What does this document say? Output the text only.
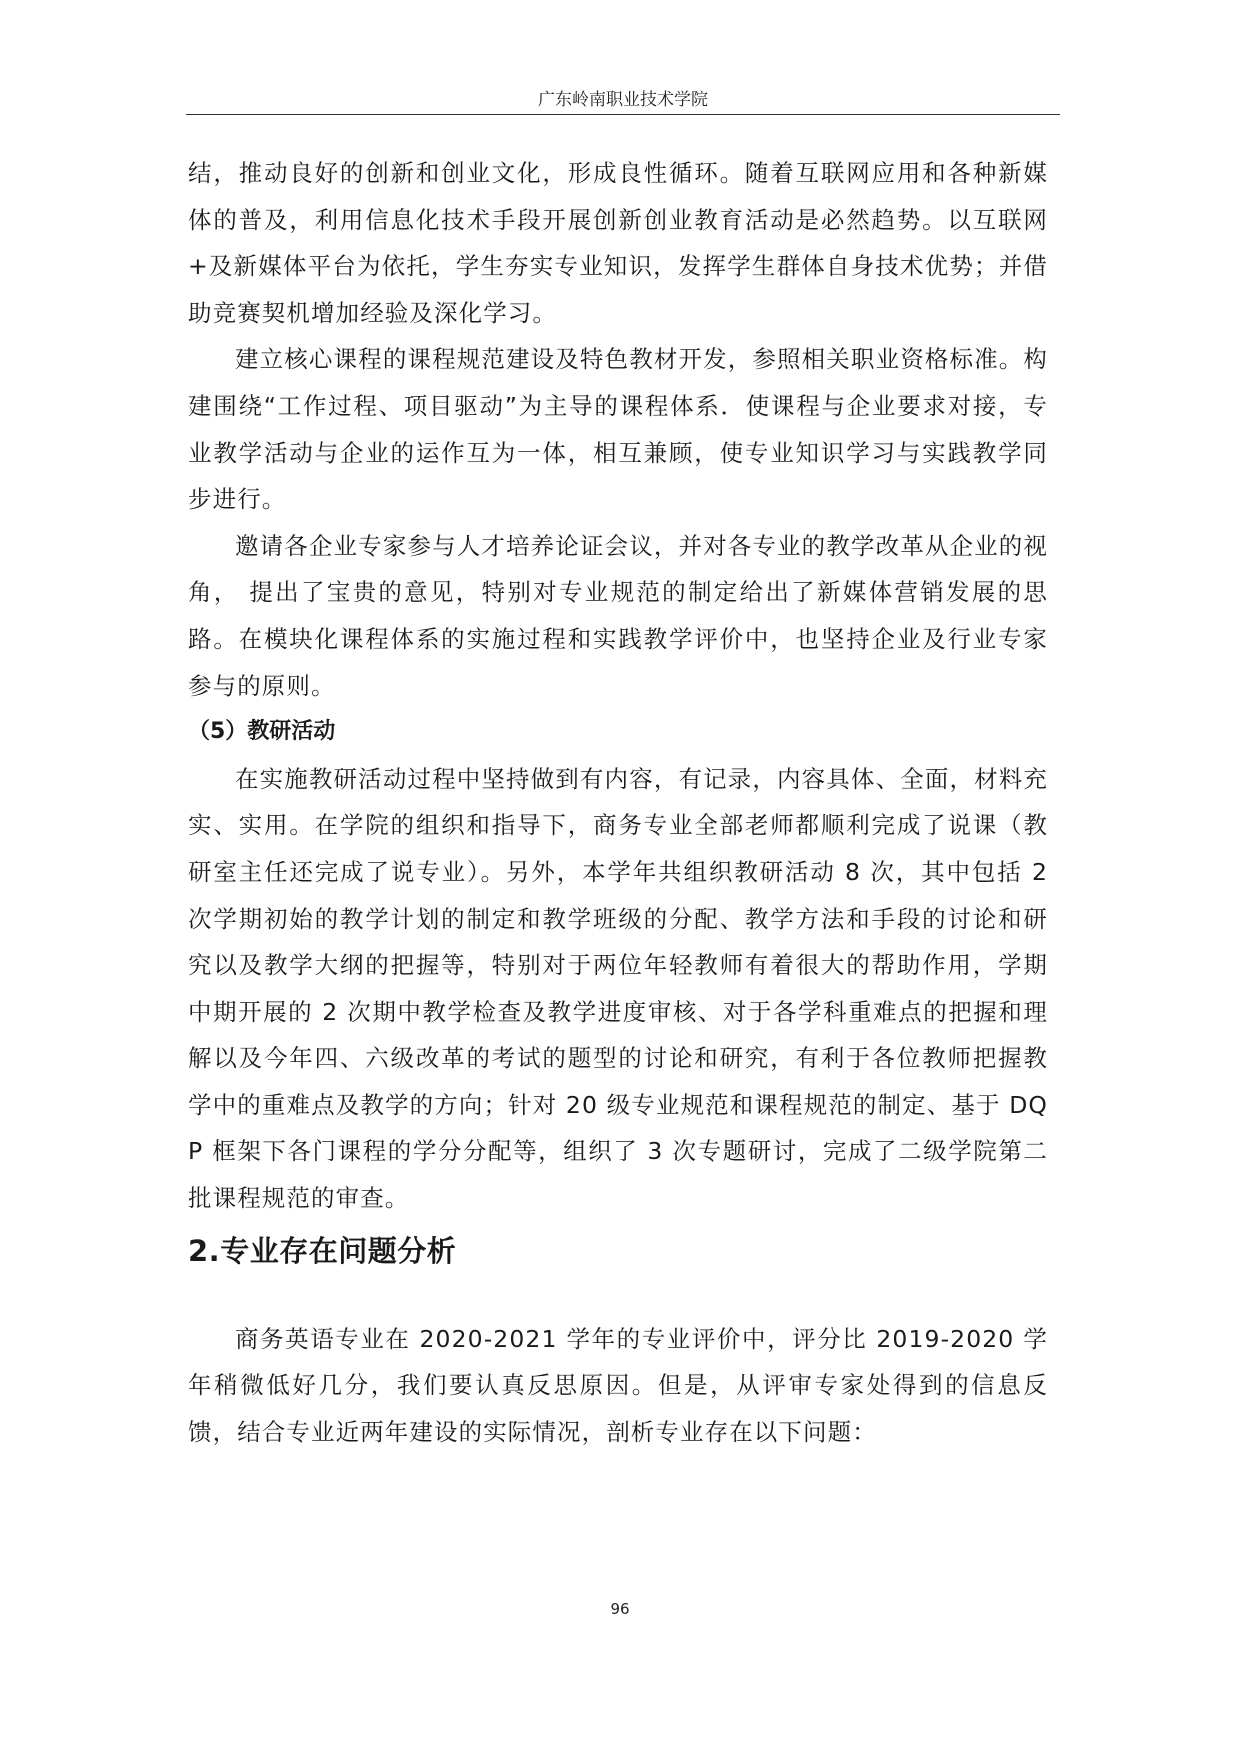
广东岭南职业技术学院

结，推动良好的创新和创业文化，形成良性循环。随着互联网应用和各种新媒体的普及，利用信息化技术手段开展创新创业教育活动是必然趋势。以互联网+及新媒体平台为依托，学生夯实专业知识，发挥学生群体自身技术优势；并借助竞赛契机增加经验及深化学习。

建立核心课程的课程规范建设及特色教材开发，参照相关职业资格标准。构建围绕“工作过程、项目驱动”为主导的课程体系．使课程与企业要求对接，专业教学活动与企业的运作互为一体，相互兼顾，使专业知识学习与实践教学同步进行。

邀请各企业专家参与人才培养论证会议，并对各专业的教学改革从企业的视角， 提出了宝贵的意见，特别对专业规范的制定给出了新媒体营销发展的思路。在模块化课程体系的实施过程和实践教学评价中，也坚持企业及行业专家参与的原则。

（5）教研活动

在实施教研活动过程中坚持做到有内容，有记录，内容具体、全面，材料充实、实用。在学院的组织和指导下，商务专业全部老师都顺利完成了说课（教研室主任还完成了说专业）。另外，本学年共组织教研活动 8 次，其中包括 2 次学期初始的教学计划的制定和教学班级的分配、教学方法和手段的讨论和研究以及教学大纲的把握等，特别对于两位年轻教师有着很大的帮助作用，学期中期开展的 2 次期中教学检查及教学进度审核、对于各学科重难点的把握和理解以及今年四、六级改革的考试的题型的讨论和研究，有利于各位教师把握教学中的重难点及教学的方向；针对 20 级专业规范和课程规范的制定、基于 DQP 框架下各门课程的学分分配等，组织了 3 次专题研讨，完成了二级学院第二批课程规范的审查。

2.专业存在问题分析

商务英语专业在 2020-2021 学年的专业评价中，评分比 2019-2020 学年稍微低好几分，我们要认真反思原因。但是，从评审专家处得到的信息反馈，结合专业近两年建设的实际情况，剖析专业存在以下问题：

96
